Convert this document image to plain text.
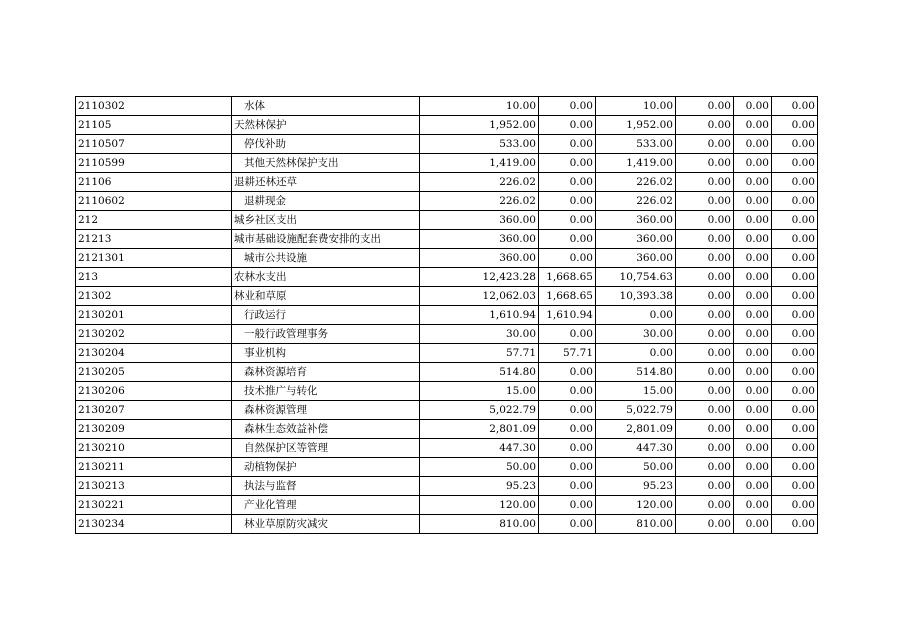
2110302	水体	10.00	0.00	10.00	0.00	0.00	0.00
21105	天然林保护	1,952.00	0.00	1,952.00	0.00	0.00	0.00
2110507	停伐补助	533.00	0.00	533.00	0.00	0.00	0.00
2110599	其他天然林保护支出	1,419.00	0.00	1,419.00	0.00	0.00	0.00
21106	退耕还林还草	226.02	0.00	226.02	0.00	0.00	0.00
2110602	退耕现金	226.02	0.00	226.02	0.00	0.00	0.00
212	城乡社区支出	360.00	0.00	360.00	0.00	0.00	0.00
21213	城市基础设施配套费安排的支出	360.00	0.00	360.00	0.00	0.00	0.00
2121301	城市公共设施	360.00	0.00	360.00	0.00	0.00	0.00
213	农林水支出	12,423.28	1,668.65	10,754.63	0.00	0.00	0.00
21302	林业和草原	12,062.03	1,668.65	10,393.38	0.00	0.00	0.00
2130201	行政运行	1,610.94	1,610.94	0.00	0.00	0.00	0.00
2130202	一般行政管理事务	30.00	0.00	30.00	0.00	0.00	0.00
2130204	事业机构	57.71	57.71	0.00	0.00	0.00	0.00
2130205	森林资源培育	514.80	0.00	514.80	0.00	0.00	0.00
2130206	技术推广与转化	15.00	0.00	15.00	0.00	0.00	0.00
2130207	森林资源管理	5,022.79	0.00	5,022.79	0.00	0.00	0.00
2130209	森林生态效益补偿	2,801.09	0.00	2,801.09	0.00	0.00	0.00
2130210	自然保护区等管理	447.30	0.00	447.30	0.00	0.00	0.00
2130211	动植物保护	50.00	0.00	50.00	0.00	0.00	0.00
2130213	执法与监督	95.23	0.00	95.23	0.00	0.00	0.00
2130221	产业化管理	120.00	0.00	120.00	0.00	0.00	0.00
2130234	林业草原防灾减灾	810.00	0.00	810.00	0.00	0.00	0.00
